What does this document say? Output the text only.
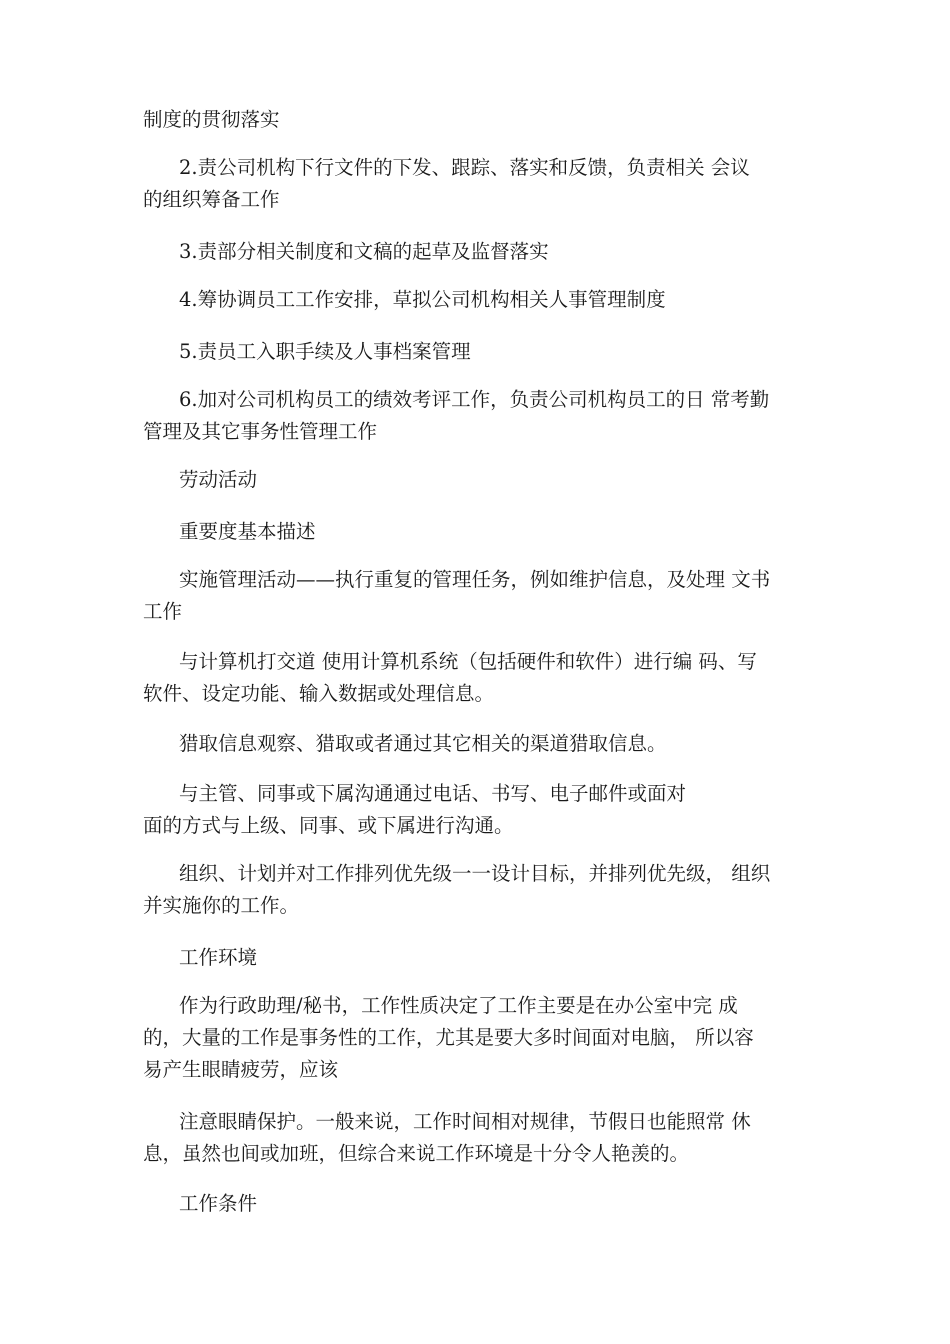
制度的贯彻落实
2.责公司机构下行文件的下发、跟踪、落实和反馈，负责相关 会议
的组织筹备工作
3.责部分相关制度和文稿的起草及监督落实
4.筹协调员工工作安排，草拟公司机构相关人事管理制度
5.责员工入职手续及人事档案管理
6.加对公司机构员工的绩效考评工作，负责公司机构员工的日 常考勤
管理及其它事务性管理工作
劳动活动
重要度基本描述
实施管理活动——执行重复的管理任务，例如维护信息，及处理 文书
工作
与计算机打交道 使用计算机系统（包括硬件和软件）进行编 码、写
软件、设定功能、输入数据或处理信息。
猎取信息观察、猎取或者通过其它相关的渠道猎取信息。
与主管、同事或下属沟通通过电话、书写、电子邮件或面对
面的方式与上级、同事、或下属进行沟通。
组织、计划并对工作排列优先级一一设计目标，并排列优先级， 组织
并实施你的工作。
工作环境
作为行政助理/秘书，工作性质决定了工作主要是在办公室中完 成
的，大量的工作是事务性的工作，尤其是要大多时间面对电脑， 所以容
易产生眼睛疲劳，应该
注意眼睛保护。一般来说，工作时间相对规律，节假日也能照常 休
息，虽然也间或加班，但综合来说工作环境是十分令人艳羡的。
工作条件
